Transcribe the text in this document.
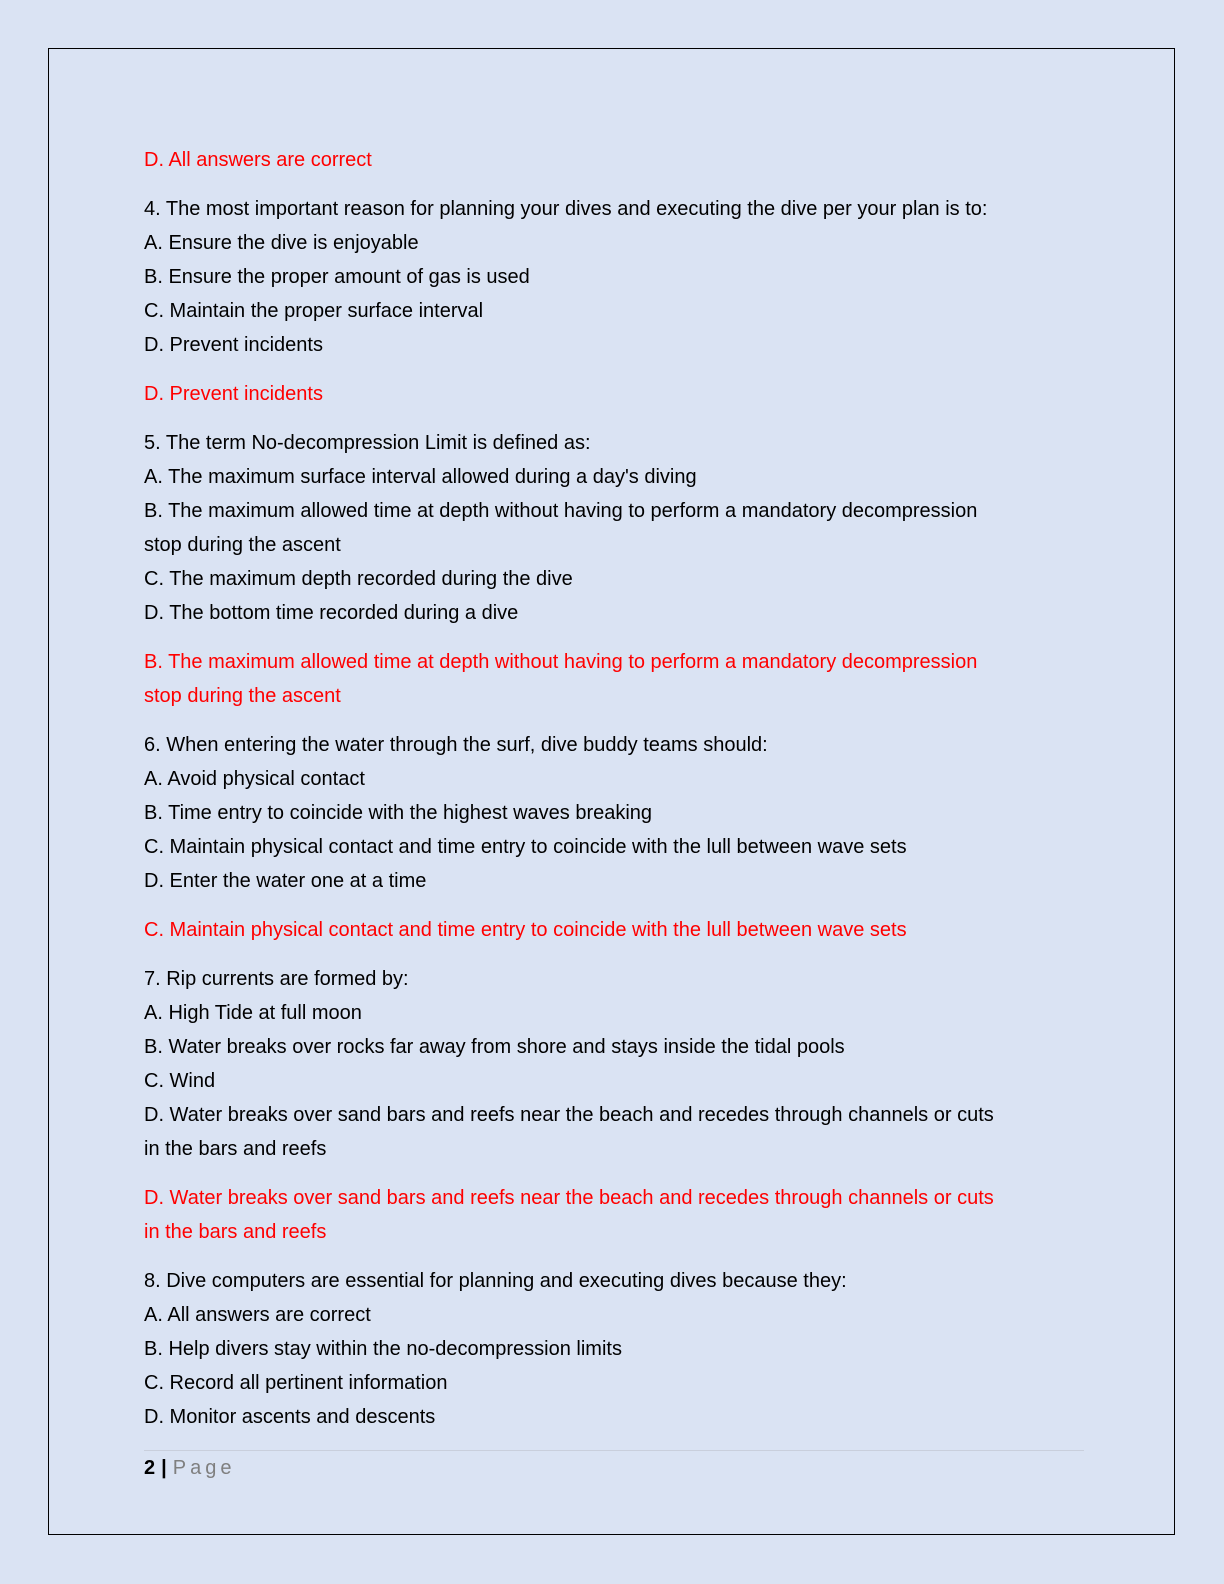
D. All answers are correct
4. The most important reason for planning your dives and executing the dive per your plan is to:
A. Ensure the dive is enjoyable
B. Ensure the proper amount of gas is used
C. Maintain the proper surface interval
D. Prevent incidents
D. Prevent incidents
5. The term No-decompression Limit is defined as:
A. The maximum surface interval allowed during a day's diving
B. The maximum allowed time at depth without having to perform a mandatory decompression
stop during the ascent
C. The maximum depth recorded during the dive
D. The bottom time recorded during a dive
B. The maximum allowed time at depth without having to perform a mandatory decompression
stop during the ascent
6. When entering the water through the surf, dive buddy teams should:
A. Avoid physical contact
B. Time entry to coincide with the highest waves breaking
C. Maintain physical contact and time entry to coincide with the lull between wave sets
D. Enter the water one at a time
C. Maintain physical contact and time entry to coincide with the lull between wave sets
7. Rip currents are formed by:
A. High Tide at full moon
B. Water breaks over rocks far away from shore and stays inside the tidal pools
C. Wind
D. Water breaks over sand bars and reefs near the beach and recedes through channels or cuts
in the bars and reefs
D. Water breaks over sand bars and reefs near the beach and recedes through channels or cuts
in the bars and reefs
8. Dive computers are essential for planning and executing dives because they:
A. All answers are correct
B. Help divers stay within the no-decompression limits
C. Record all pertinent information
D. Monitor ascents and descents
2 | Page
